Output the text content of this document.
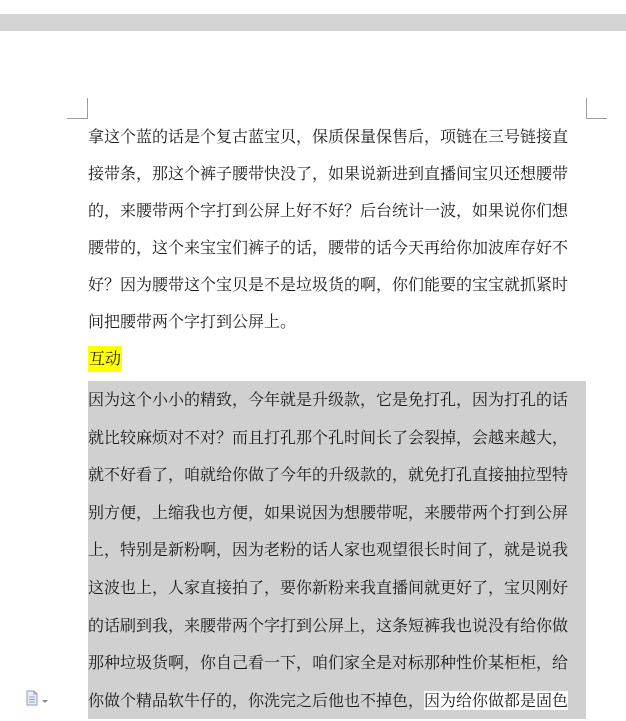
拿这个蓝的话是个复古蓝宝贝，保质保量保售后，项链在三号链接直
接带条，那这个裤子腰带快没了，如果说新进到直播间宝贝还想腰带
的，来腰带两个字打到公屏上好不好？后台统计一波，如果说你们想
腰带的，这个来宝宝们裤子的话，腰带的话今天再给你加波库存好不
好？因为腰带这个宝贝是不是垃圾货的啊，你们能要的宝宝就抓紧时
间把腰带两个字打到公屏上。
互动
因为这个小小的精致，今年就是升级款，它是免打孔，因为打孔的话
就比较麻烦对不对？而且打孔那个孔时间长了会裂掉，会越来越大，
就不好看了，咱就给你做了今年的升级款的，就免打孔直接抽拉型特
别方便，上缩我也方便，如果说因为想腰带呢，来腰带两个打到公屏
上，特别是新粉啊，因为老粉的话人家也观望很长时间了，就是说我
这波也上，人家直接拍了，要你新粉来我直播间就更好了，宝贝刚好
的话刷到我，来腰带两个字打到公屏上，这条短裤我也说没有给你做
那种垃圾货啊，你自己看一下，咱们家全是对标那种性价某柜柜，给
你做个精品软牛仔的，你洗完之后他也不掉色，因为给你做都是固色
